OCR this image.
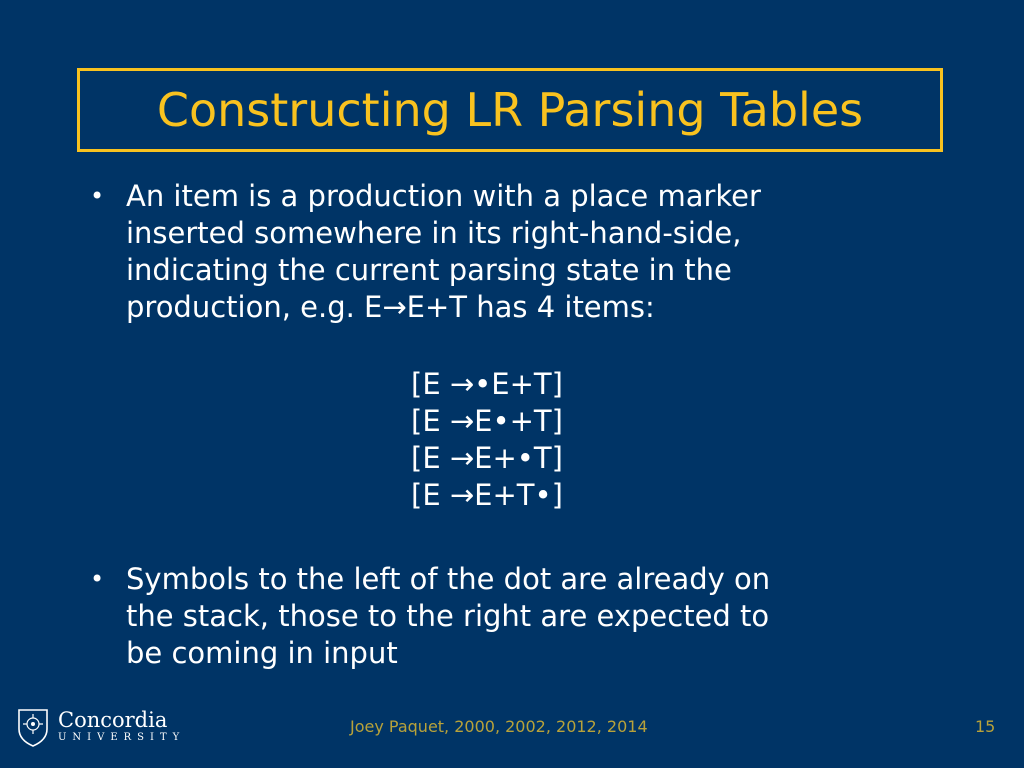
Constructing LR Parsing Tables
• An item is a production with a place marker
inserted somewhere in its right-hand-side,
indicating the current parsing state in the
production, e.g. E→E+T has 4 items:
[E →•E+T]
[E →E•+T]
[E →E+•T]
[E →E+T•]
• Symbols to the left of the dot are already on
the stack, those to the right are expected to
be coming in input
Concordia
UNIVERSITY
Joey Paquet, 2000, 2002, 2012, 2014	15
